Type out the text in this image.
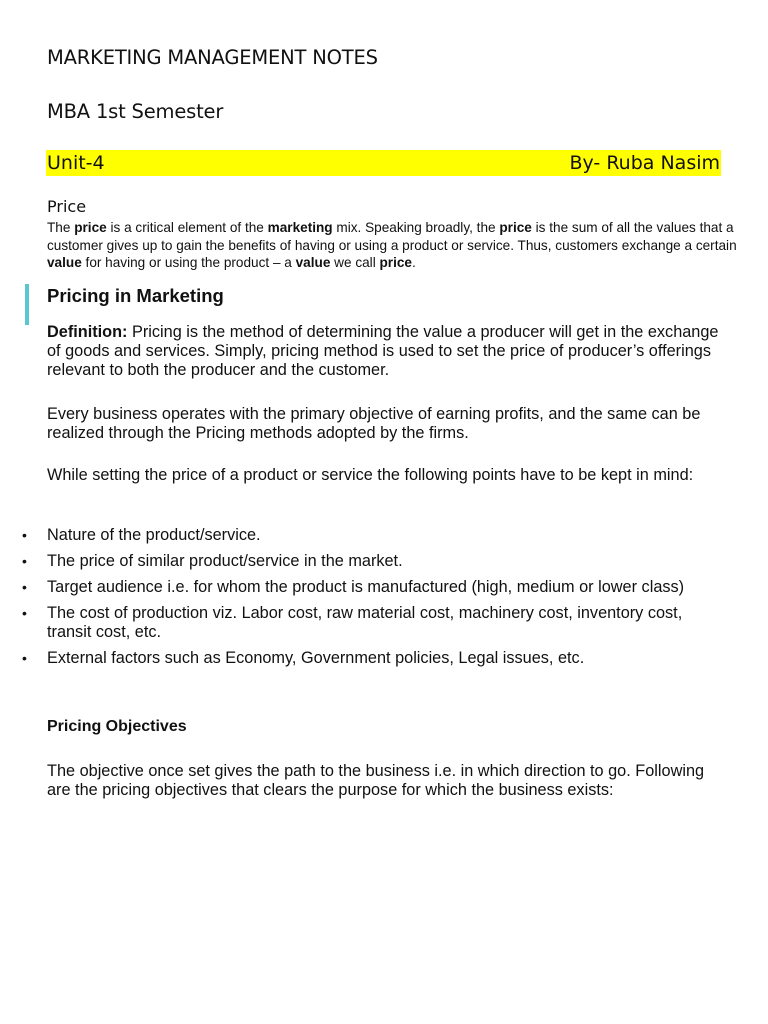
MARKETING MANAGEMENT NOTES
MBA 1st Semester
Unit-4	By- Ruba Nasim
Price
The price is a critical element of the marketing mix. Speaking broadly, the price is the sum of all the values that a customer gives up to gain the benefits of having or using a product or service. Thus, customers exchange a certain value for having or using the product – a value we call price.
Pricing in Marketing
Definition: Pricing is the method of determining the value a producer will get in the exchange of goods and services. Simply, pricing method is used to set the price of producer’s offerings relevant to both the producer and the customer.
Every business operates with the primary objective of earning profits, and the same can be realized through the Pricing methods adopted by the firms.
While setting the price of a product or service the following points have to be kept in mind:
• Nature of the product/service.
• The price of similar product/service in the market.
• Target audience i.e. for whom the product is manufactured (high, medium or lower class)
• The cost of production viz. Labor cost, raw material cost, machinery cost, inventory cost, transit cost, etc.
• External factors such as Economy, Government policies, Legal issues, etc.
Pricing Objectives
The objective once set gives the path to the business i.e. in which direction to go. Following are the pricing objectives that clears the purpose for which the business exists:
